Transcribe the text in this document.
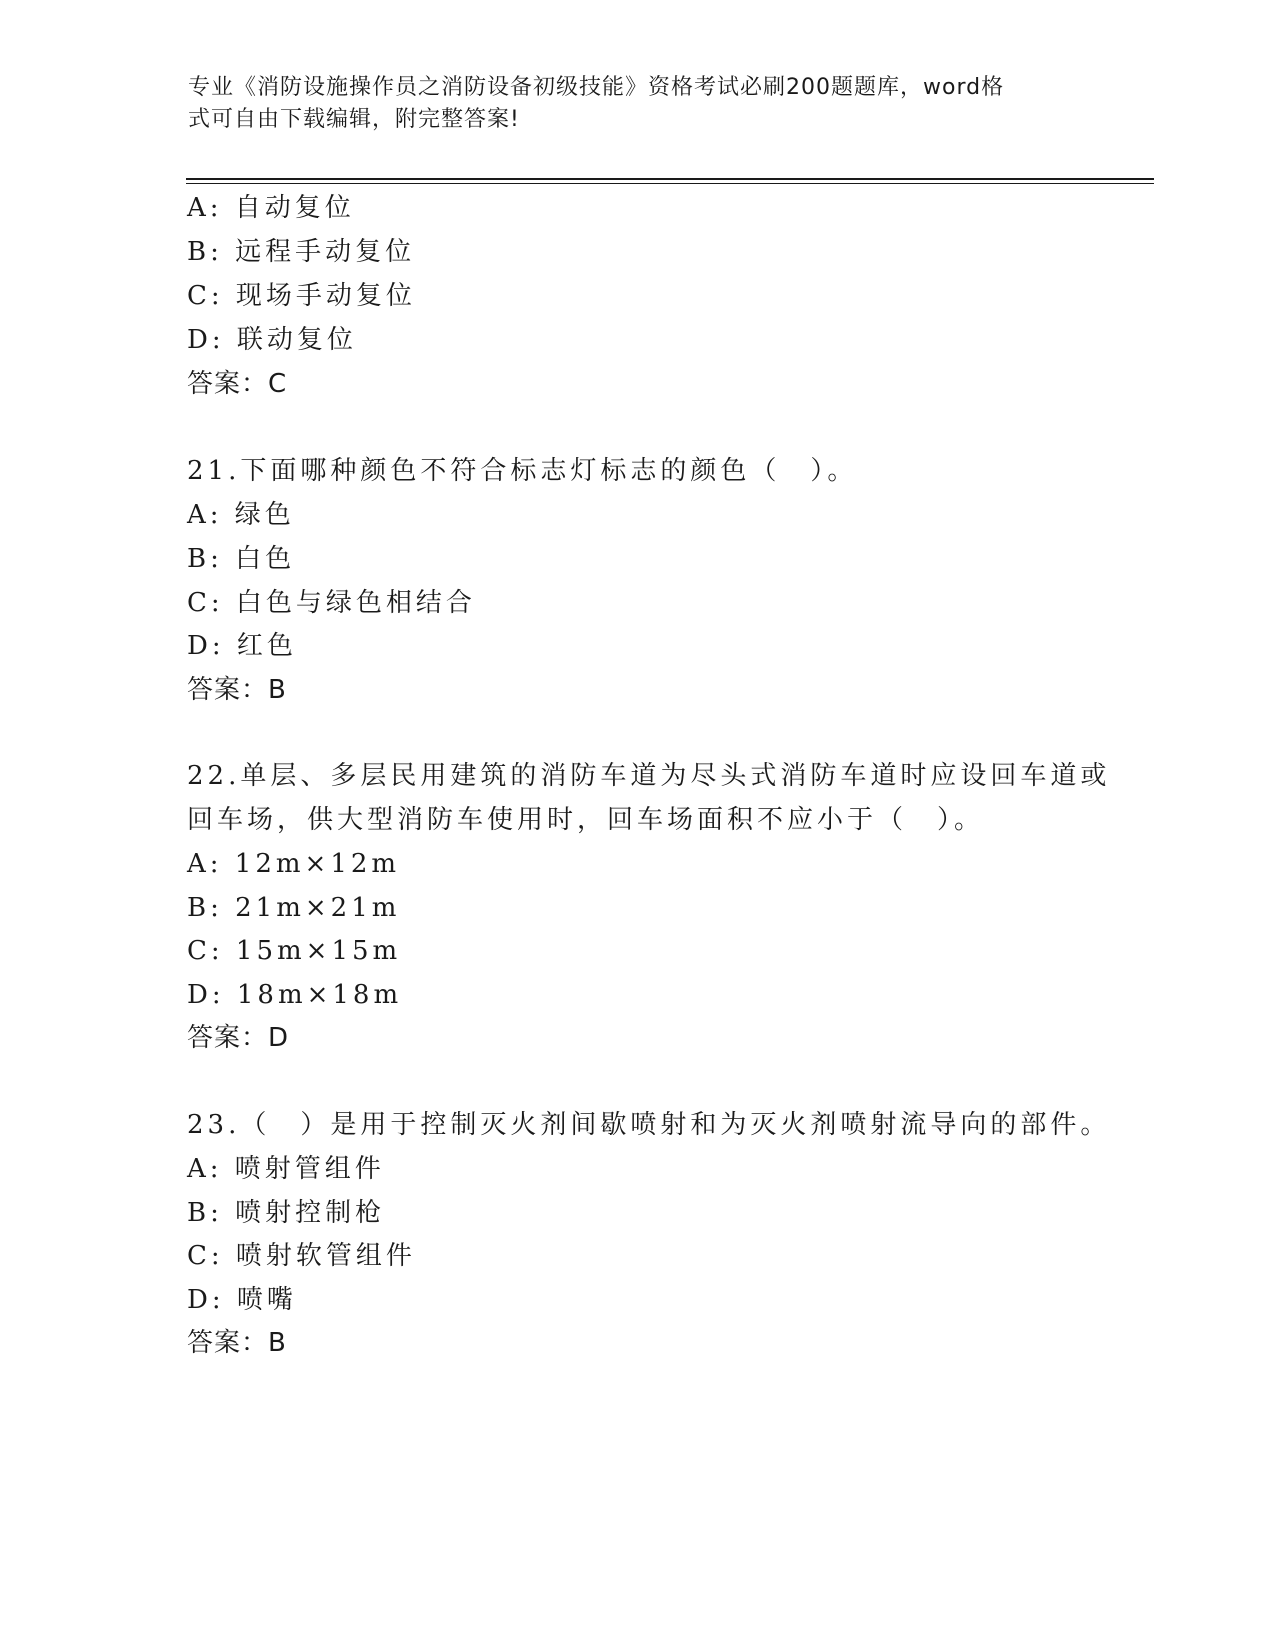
专业《消防设施操作员之消防设备初级技能》资格考试必刷200题题库，word格
式可自由下载编辑，附完整答案!
A: 自动复位
B: 远程手动复位
C: 现场手动复位
D: 联动复位
答案：C
21.下面哪种颜色不符合标志灯标志的颜色（　）。
A: 绿色
B: 白色
C: 白色与绿色相结合
D: 红色
答案：B
22.单层、多层民用建筑的消防车道为尽头式消防车道时应设回车道或
回车场，供大型消防车使用时，回车场面积不应小于（　）。
A: 12m×12m
B: 21m×21m
C: 15m×15m
D: 18m×18m
答案：D
23.（　）是用于控制灭火剂间歇喷射和为灭火剂喷射流导向的部件。
A: 喷射管组件
B: 喷射控制枪
C: 喷射软管组件
D: 喷嘴
答案：B
